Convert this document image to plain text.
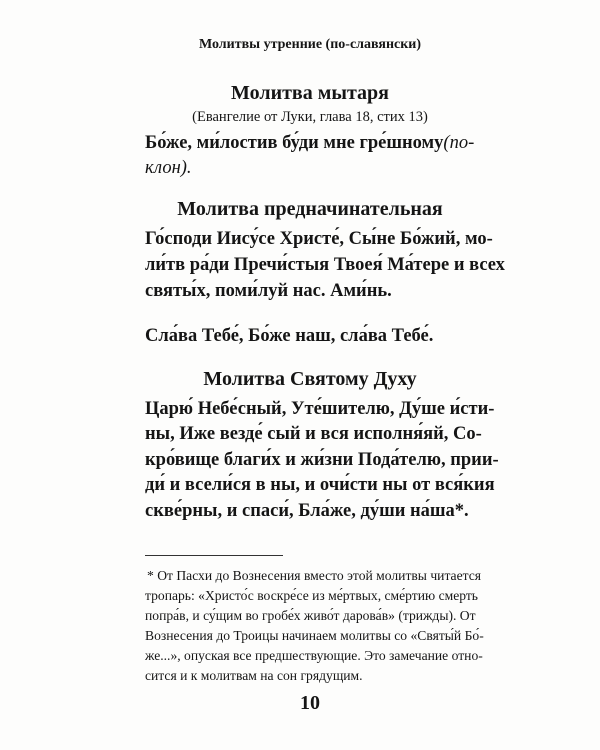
Молитвы утренние (по-славянски)
Молитва мытаря
(Евангелие от Луки, глава 18, стих 13)
Бо́же, ми́лостив бу́ди мне гре́шному (по-
клон).
Молитва предначинательная
Го́споди Иису́се Христе́, Сы́не Бо́жий, мо-
ли́тв ра́ди Пречи́стыя Твоея́ Ма́тере и всех
святы́х, поми́луй нас. Ами́нь.
Сла́ва Тебе́, Бо́же наш, сла́ва Тебе́.
Молитва Святому Духу
Царю́ Небе́сный, Уте́шителю, Ду́ше и́сти-
ны, Иже везде́ сый и вся исполня́яй, Со-
кро́вище благи́х и жи́зни Пода́телю, прии-
ди́ и всели́ся в ны, и очи́сти ны от вся́кия
скве́рны, и спаси́, Бла́же, ду́ши на́ша*.
* От Пасхи до Вознесения вместо этой молитвы читается
тропарь: «Христо́с воскре́се из ме́ртвых, сме́ртию смерть
попра́в, и су́щим во гробе́х живо́т дарова́в» (трижды). От
Вознесения до Троицы начинаем молитвы со «Святы́й Бо́-
же...», опуская все предшествующие. Это замечание отно-
сится и к молитвам на сон грядущим.
10
